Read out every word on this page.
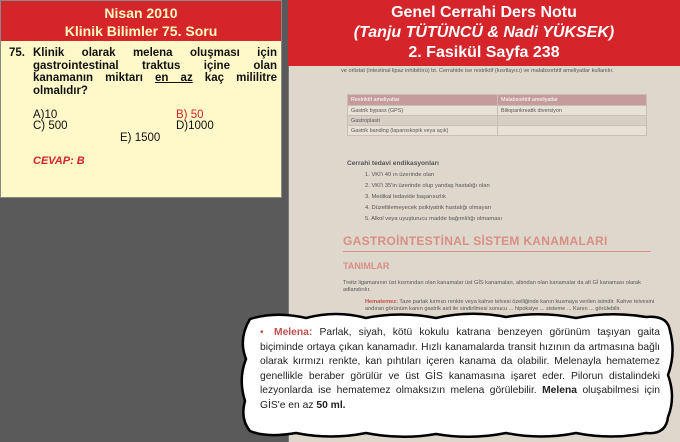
Nisan 2010
Klinik Bilimler 75. Soru
75. Klinik olarak melena oluşması için gastrointestinal traktus içine olan kanamanın miktarı en az kaç mililitre olmalıdır?
A)10	B) 50
C) 500	D)1000
E) 1500
CEVAP: B
Genel Cerrahi Ders Notu
(Tanju TÜTÜNCÜ & Nadi YÜKSEK)
2. Fasikül Sayfa 238
ve orlistat (intestinal lipaz inhibitörü) bt. Cerrahide ise restriktif (kısıtlayıcı) ve malabsorbtif ameliyatlar kullanılır.
Restriktif ameliyatlar	Malabsorbtif ameliyatlar
Gastrik bypass (GPS)	Biliopankreatik diversiyon
Gastroplasti	
Gastrik banding (laparoskopik veya açık)	
Cerrahi tedavi endikasyonları
1. VKİ'i 40 ın üzerinde olan
2. VKİ'i 35'in üzerinde olup yandaş hastalığı olan
3. Medikal tedavide başarısızlık
4. Düzeltilemeyecek psikiyatrik hastalığı olmayan
5. Alkol veya uyuşturucu madde bağımlılığı olmaması
GASTROİNTESTİNAL SİSTEM KANAMALARI
TANIMLAR
Treitz ligamanının üst kısmından olan kanamalar üst GİS kanamaları, altından olan kanamalar da alt Gİ kanaması olarak adlandırılır.
Hematemez: Taze parlak kırmızı renkte veya kahve telvesi özelliğinde kanın kusmaya verilen isimdir. Kahve telvesini andıran görünüm kanın gastrik asit ile sindirilmesi sonucu ... hipoksiye ... sisteme ... Kanın ... görülebilir.
• Melena: Parlak, siyah, kötü kokulu katrana benzeyen görünüm taşıyan gaita biçiminde ortaya çıkan kanamadır. Hızlı kanamalarda transit hızının da artmasına bağlı olarak kırmızı renkte, kan pıhtıları içeren kanama da olabilir. Melenayla hematemez genellikle beraber görülür ve üst GİS kanamasına işaret eder. Pilorun distalindeki lezyonlarda ise hematemez olmaksızın melena görülebilir. Melena oluşabilmesi için GİS'e en az 50 ml.
